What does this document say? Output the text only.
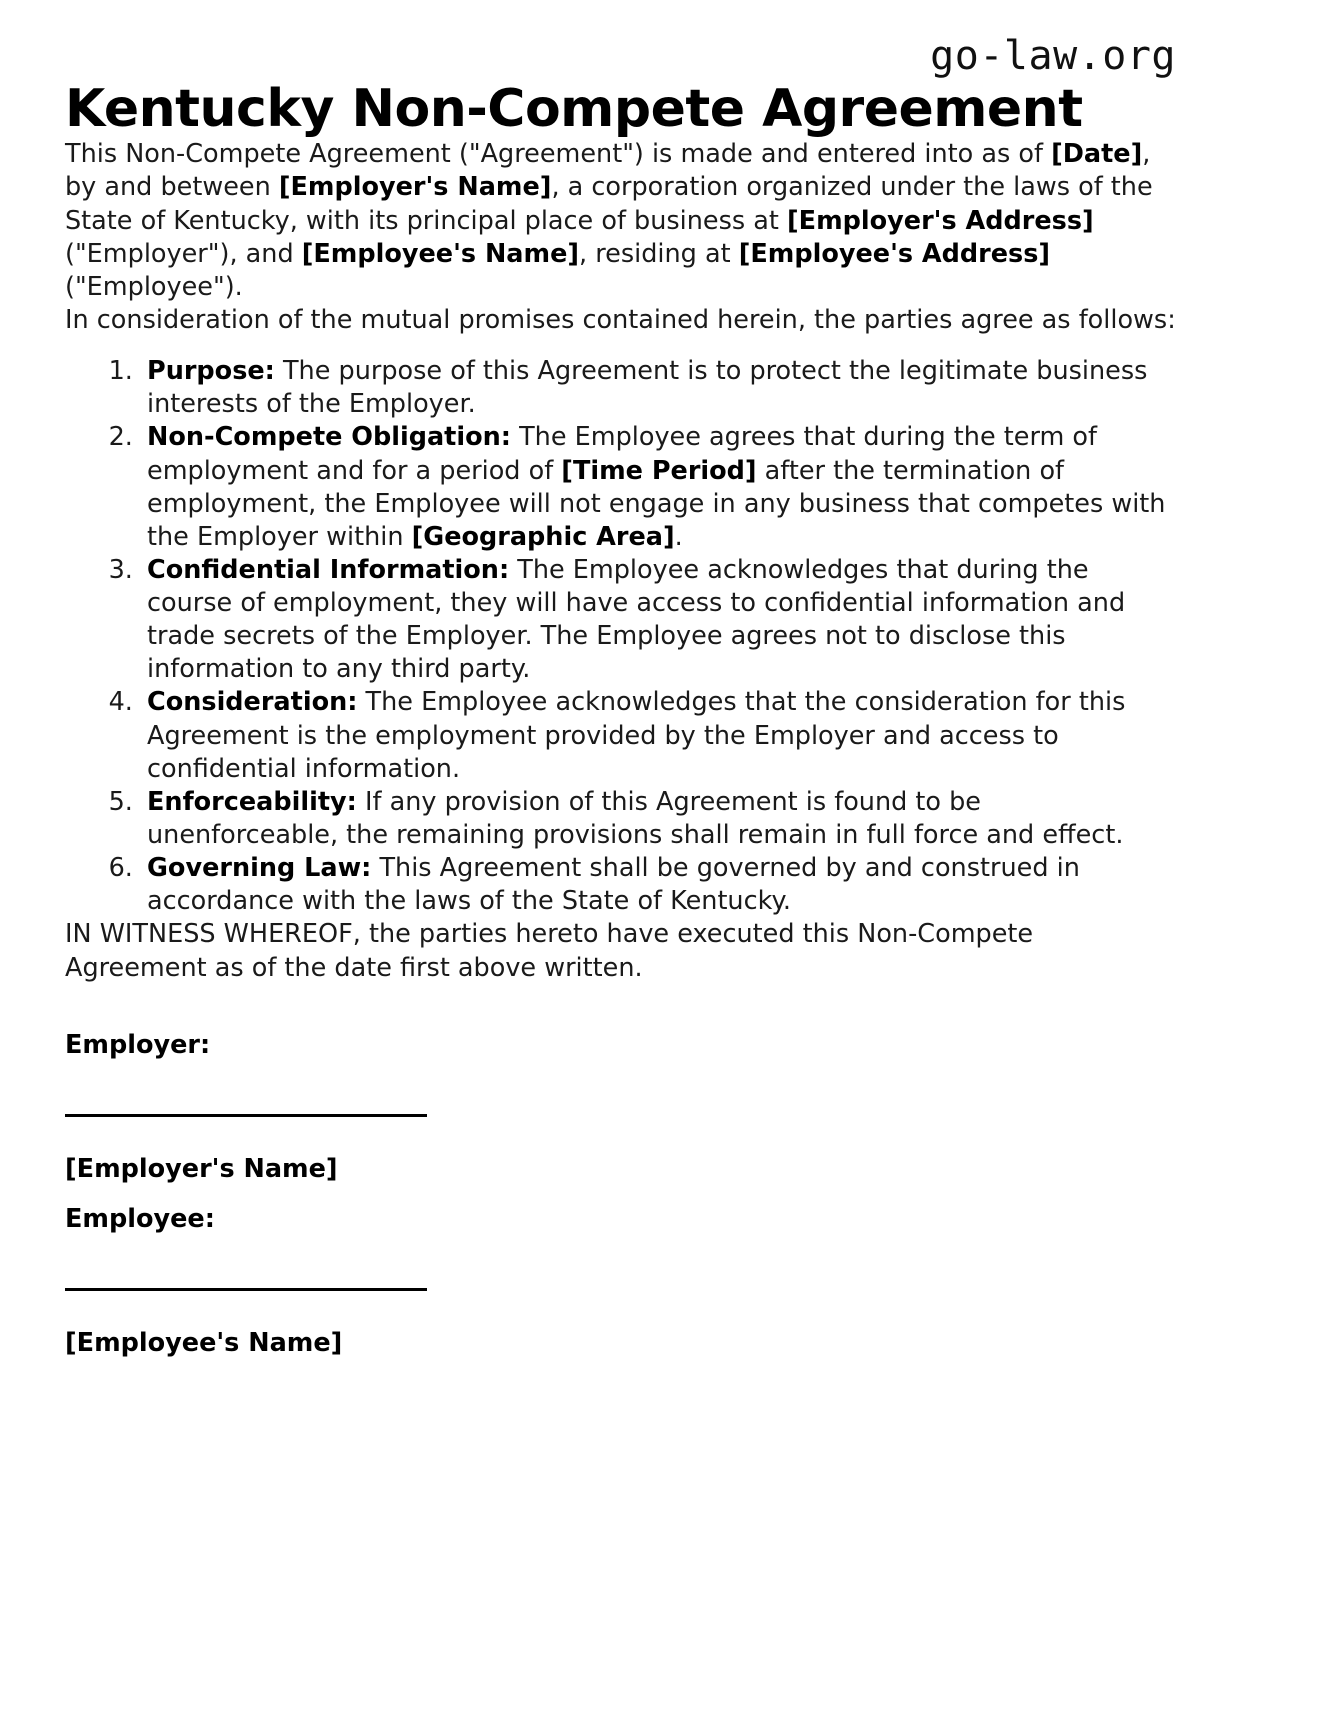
go-law.org
Kentucky Non-Compete Agreement

This Non-Compete Agreement ("Agreement") is made and entered into as of [Date], by and between [Employer's Name], a corporation organized under the laws of the State of Kentucky, with its principal place of business at [Employer's Address] ("Employer"), and [Employee's Name], residing at [Employee's Address] ("Employee").

In consideration of the mutual promises contained herein, the parties agree as follows:

1. Purpose: The purpose of this Agreement is to protect the legitimate business interests of the Employer.
2. Non-Compete Obligation: The Employee agrees that during the term of employment and for a period of [Time Period] after the termination of employment, the Employee will not engage in any business that competes with the Employer within [Geographic Area].
3. Confidential Information: The Employee acknowledges that during the course of employment, they will have access to confidential information and trade secrets of the Employer. The Employee agrees not to disclose this information to any third party.
4. Consideration: The Employee acknowledges that the consideration for this Agreement is the employment provided by the Employer and access to confidential information.
5. Enforceability: If any provision of this Agreement is found to be unenforceable, the remaining provisions shall remain in full force and effect.
6. Governing Law: This Agreement shall be governed by and construed in accordance with the laws of the State of Kentucky.

IN WITNESS WHEREOF, the parties hereto have executed this Non-Compete Agreement as of the date first above written.

Employer:
[Employer's Name]
Employee:
[Employee's Name]
